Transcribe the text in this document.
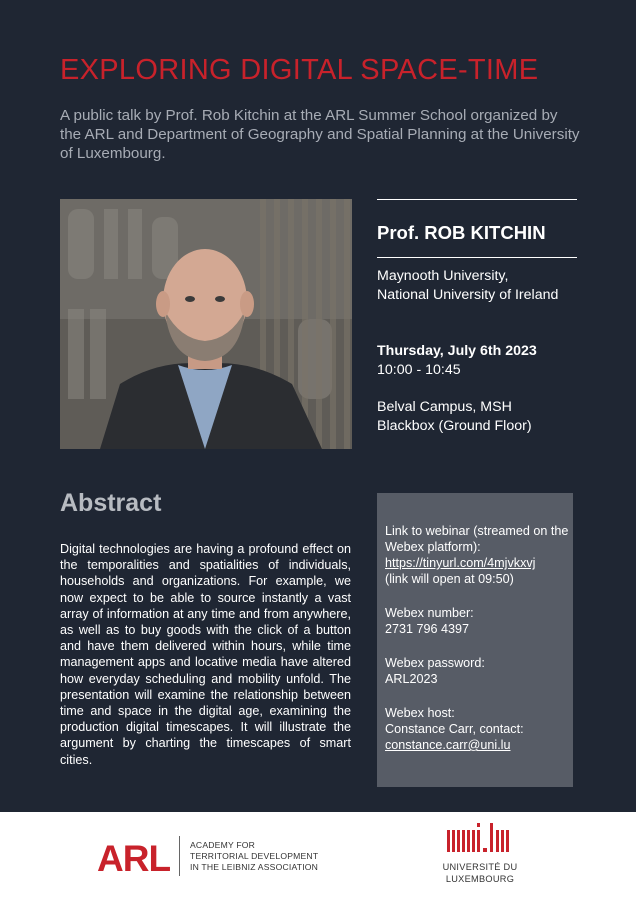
EXPLORING DIGITAL SPACE-TIME
A public talk by Prof. Rob Kitchin at the ARL Summer School organized by the ARL and Department of Geography and Spatial Planning at the University of Luxembourg.
Prof. ROB KITCHIN
Maynooth University,
National University of Ireland
Thursday, July 6th 2023
10:00 - 10:45
Belval Campus, MSH
Blackbox (Ground Floor)
Abstract
Digital technologies are having a profound effect on the temporalities and spatialities of individuals, households and organizations. For example, we now expect to be able to source instantly a vast array of information at any time and from anywhere, as well as to buy goods with the click of a button and have them delivered within hours, while time management apps and locative media have altered how everyday scheduling and mobility unfold. The presentation will examine the relationship between time and space in the digital age, examining the production digital timescapes. It will illustrate the argument by charting the timescapes of smart cities.
Link to webinar (streamed on the Webex platform):
https://tinyurl.com/4mjvkxvj
(link will open at 09:50)
Webex number:
2731 796 4397
Webex password:
ARL2023
Webex host:
Constance Carr, contact:
constance.carr@uni.lu
ARL ACADEMY FOR
TERRITORIAL DEVELOPMENT
IN THE LEIBNIZ ASSOCIATION	UNIVERSITÉ DU
LUXEMBOURG
